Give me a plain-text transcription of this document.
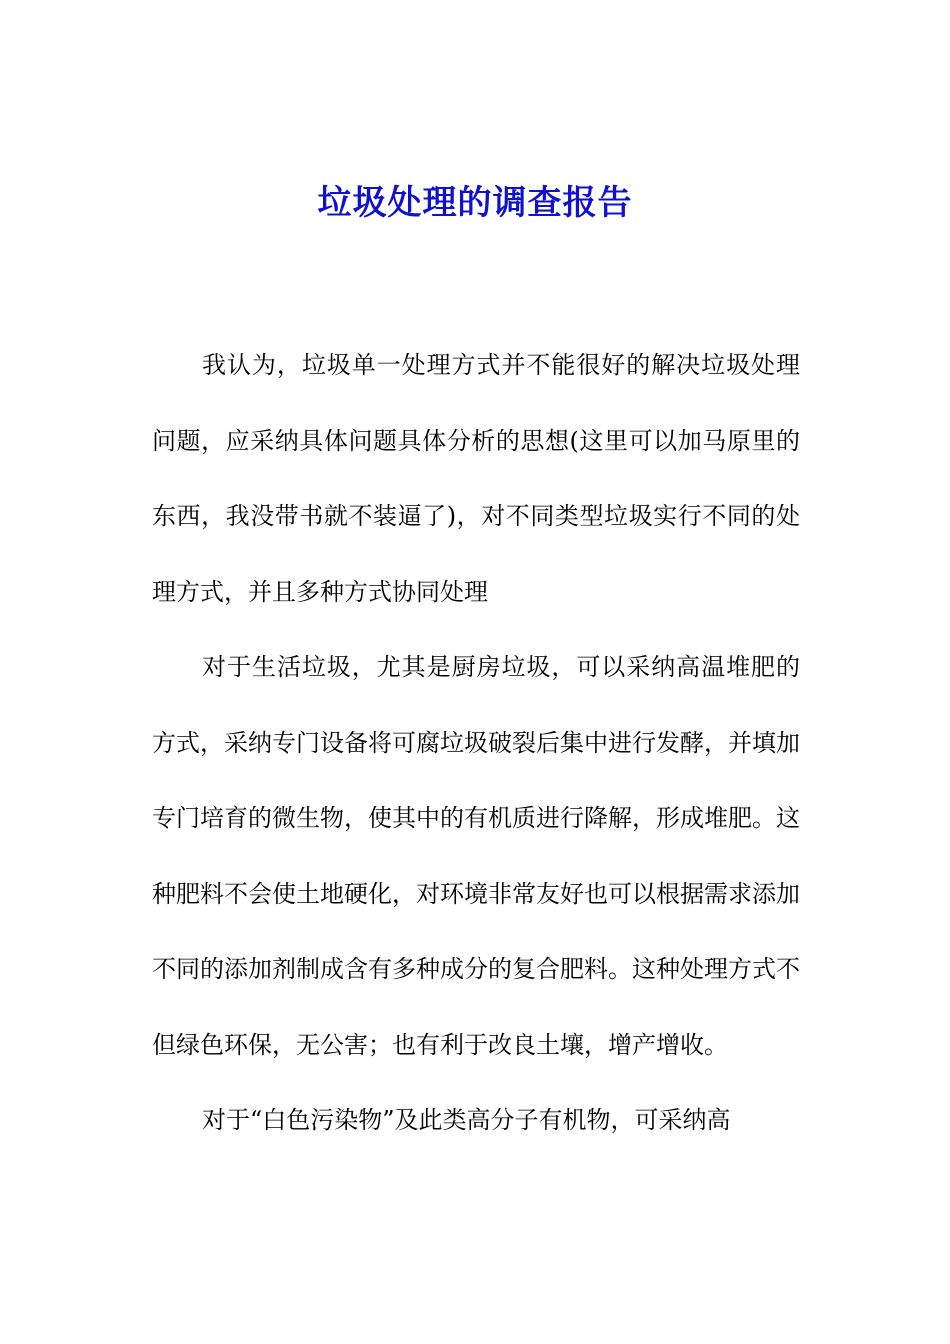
垃圾处理的调查报告

我认为，垃圾单一处理方式并不能很好的解决垃圾处理问题，应采纳具体问题具体分析的思想(这里可以加马原里的东西，我没带书就不装逼了)，对不同类型垃圾实行不同的处理方式，并且多种方式协同处理

对于生活垃圾，尤其是厨房垃圾，可以采纳高温堆肥的方式，采纳专门设备将可腐垃圾破裂后集中进行发酵，并填加专门培育的微生物，使其中的有机质进行降解，形成堆肥。这种肥料不会使土地硬化，对环境非常友好也可以根据需求添加不同的添加剂制成含有多种成分的复合肥料。这种处理方式不但绿色环保，无公害；也有利于改良土壤，增产增收。

对于“白色污染物”及此类高分子有机物，可采纳高
